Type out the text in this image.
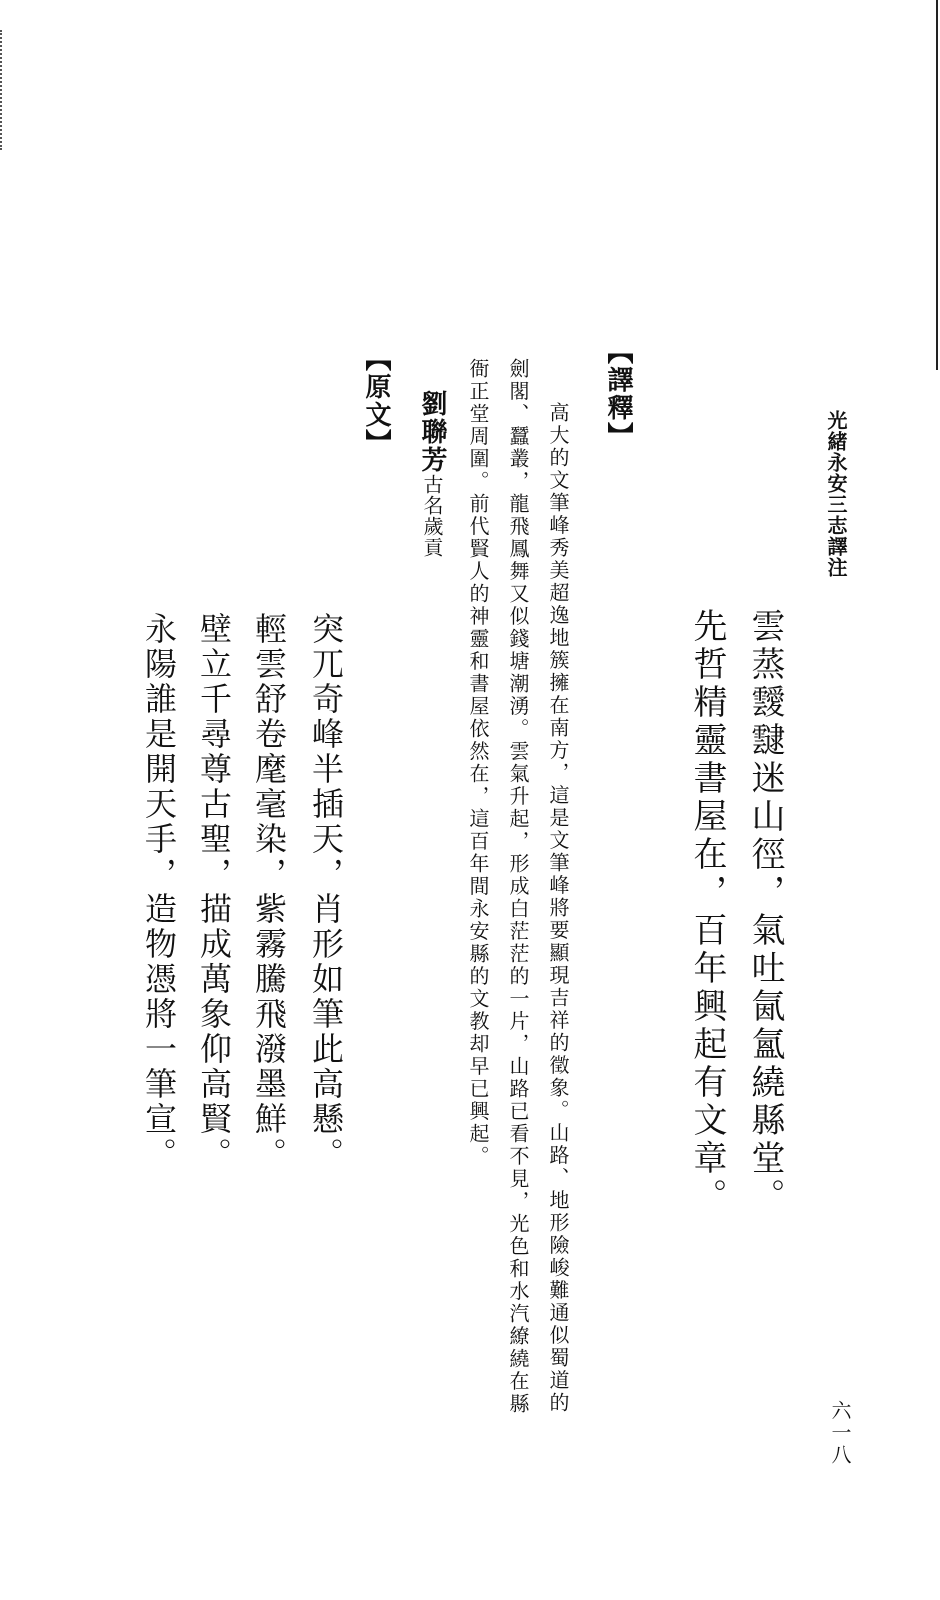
光緒永安三志譯注
雲蒸靉靆迷山徑，氣吐氤氳繞縣堂。
先哲精靈書屋在，百年興起有文章。
【譯釋】
高大的文筆峰秀美超逸地簇擁在南方，這是文筆峰將要顯現吉祥的徵象。山路、地形險峻難通似蜀道的
劍閣、蠶叢，龍飛鳳舞又似錢塘潮湧。雲氣升起，形成白茫茫的一片，山路已看不見，光色和水汽繚繞在縣
衙正堂周圍。前代賢人的神靈和書屋依然在，這百年間永安縣的文教却早已興起。
劉聯芳古名歲貢
【原文】
突兀奇峰半插天，肖形如筆此高懸。
輕雲舒卷麾毫染，紫霧騰飛潑墨鮮。
壁立千尋尊古聖，描成萬象仰高賢。
永陽誰是開天手，造物憑將一筆宣。
六一八
